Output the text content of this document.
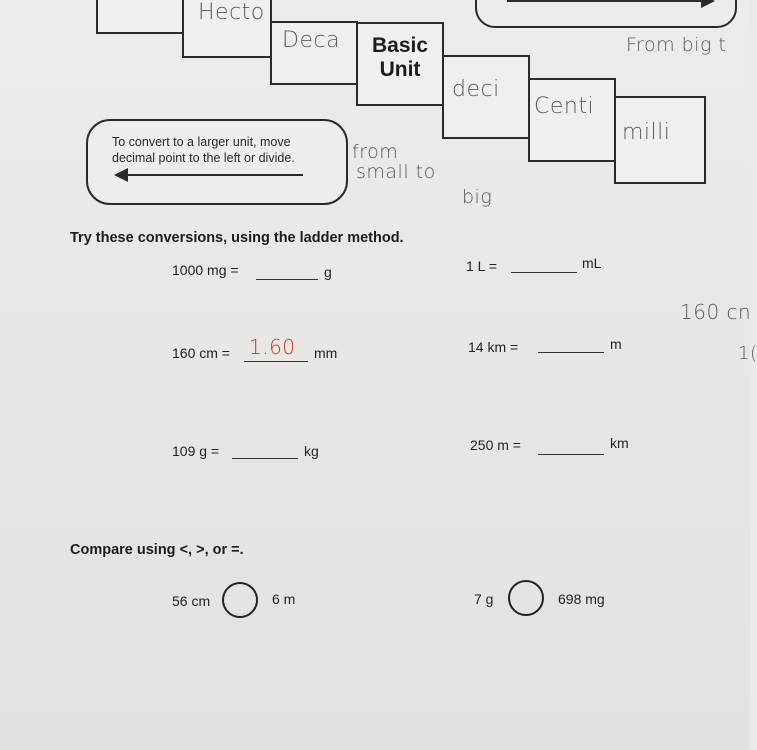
Hecto
Deca	Basic
Unit
deci
Centi
milli
From big t
from
small to
big
160 cn
1(
To convert to a larger unit, move decimal point to the left or divide.
Try these conversions, using the ladder method.
1000 mg =	g	1 L =	mL
160 cm = 1.60 mm	14 km =	m
109 g =	kg	250 m =	km
Compare using <, >, or =.
56 cm	6 m	7 g	698 mg
